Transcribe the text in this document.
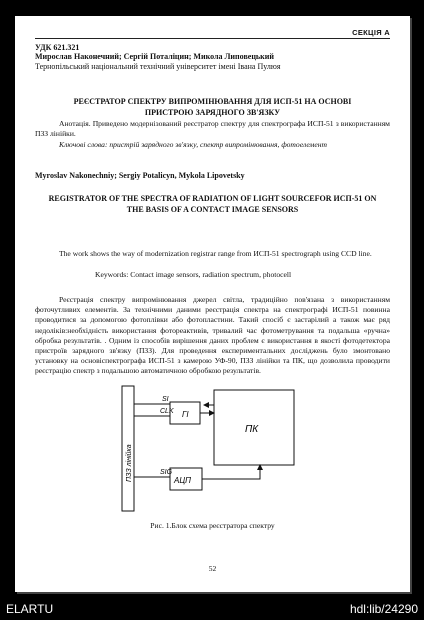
СЕКЦІЯ А
УДК 621.321
Мирослав Наконечний; Сергій Поталіцин; Микола Липовецький
Тернопільський національний технічний університет імені Івана Пулюя
РЕЄСТРАТОР СПЕКТРУ ВИПРОМІНЮВАННЯ ДЛЯ ИСП-51 НА ОСНОВІ ПРИСТРОЮ ЗАРЯДНОГО ЗВ'ЯЗКУ
Анотація. Приведено модернізований реєстратор спектру для спектрографа ИСП-51 з використанням ПЗЗ лінійки.
Ключові слова: пристрій зарядного зв'язку, спектр випромінювання, фотоелемент
Myroslav Nakonechniy; Sergiy Potalicyn, Mykola Lipovetsky
REGISTRATOR OF THE SPECTRA OF RADIATION OF LIGHT SOURCEFOR ИСП-51 ON THE BASIS OF A CONTACT IMAGE SENSORS
The work shows the way of modernization registrar range from ИСП-51 spectrograph using CCD line.
Keywords: Contact image sensors, radiation spectrum, photocell
Реєстрація спектру випромінювання джерел світла, традиційно пов'язана з використанням фоточутливих елементів. За технічними даними реєстрація спектра на спектрографі ИСП-51 повинна проводитися за допомогою фотоплівки або фотопластини. Такий спосіб є застарілий а також має ряд недоліків:необхідність використання фотореактивів, тривалий час фотометрування та подальша «ручна» обробка результатів. . Одним із способів вирішення даних проблем є використання в якості фотодетектора пристроїв зарядного зв'язку (ПЗЗ). Для проведення експериментальних досліджень було змонтовано установку на основіспектрографа ИСП-51 з камерою УФ-90, ПЗЗ лінійки та ПК, що дозволила проводити реєстрацію спектр з подальшою автоматичною обробкою результатів.
ПЗЗ лінійка
SI
CLK ГІ
ПК
SIG
АЦП
Рис. 1.Блок схема реєстратора спектру
52
ELARTU	hdl:lib/24290
